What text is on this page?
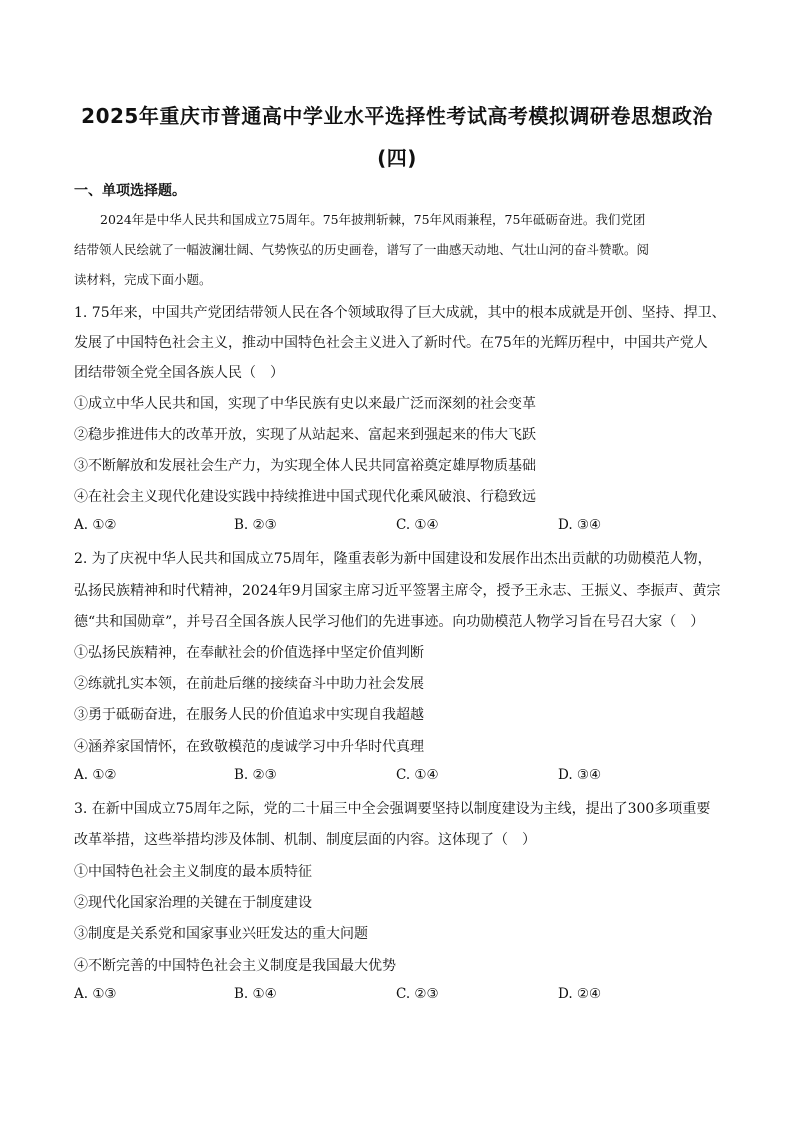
2025年重庆市普通高中学业水平选择性考试高考模拟调研卷思想政治
(四)
一、单项选择题。
2024年是中华人民共和国成立75周年。75年披荆斩棘，75年风雨兼程，75年砥砺奋进。我们党团
结带领人民绘就了一幅波澜壮阔、气势恢弘的历史画卷，谱写了一曲感天动地、气壮山河的奋斗赞歌。阅
读材料，完成下面小题。
1. 75年来，中国共产党团结带领人民在各个领域取得了巨大成就，其中的根本成就是开创、坚持、捍卫、
发展了中国特色社会主义，推动中国特色社会主义进入了新时代。在75年的光辉历程中，中国共产党人
团结带领全党全国各族人民（　）
①成立中华人民共和国，实现了中华民族有史以来最广泛而深刻的社会变革
②稳步推进伟大的改革开放，实现了从站起来、富起来到强起来的伟大飞跃
③不断解放和发展社会生产力，为实现全体人民共同富裕奠定雄厚物质基础
④在社会主义现代化建设实践中持续推进中国式现代化乘风破浪、行稳致远
A. ①②	B. ②③	C. ①④	D. ③④
2. 为了庆祝中华人民共和国成立75周年，隆重表彰为新中国建设和发展作出杰出贡献的功勋模范人物，
弘扬民族精神和时代精神，2024年9月国家主席习近平签署主席令，授予王永志、王振义、李振声、黄宗
德“共和国勋章”，并号召全国各族人民学习他们的先进事迹。向功勋模范人物学习旨在号召大家（　）
①弘扬民族精神，在奉献社会的价值选择中坚定价值判断
②练就扎实本领，在前赴后继的接续奋斗中助力社会发展
③勇于砥砺奋进，在服务人民的价值追求中实现自我超越
④涵养家国情怀，在致敬模范的虔诚学习中升华时代真理
A. ①②	B. ②③	C. ①④	D. ③④
3. 在新中国成立75周年之际，党的二十届三中全会强调要坚持以制度建设为主线，提出了300多项重要
改革举措，这些举措均涉及体制、机制、制度层面的内容。这体现了（　）
①中国特色社会主义制度的最本质特征
②现代化国家治理的关键在于制度建设
③制度是关系党和国家事业兴旺发达的重大问题
④不断完善的中国特色社会主义制度是我国最大优势
A. ①③	B. ①④	C. ②③	D. ②④
